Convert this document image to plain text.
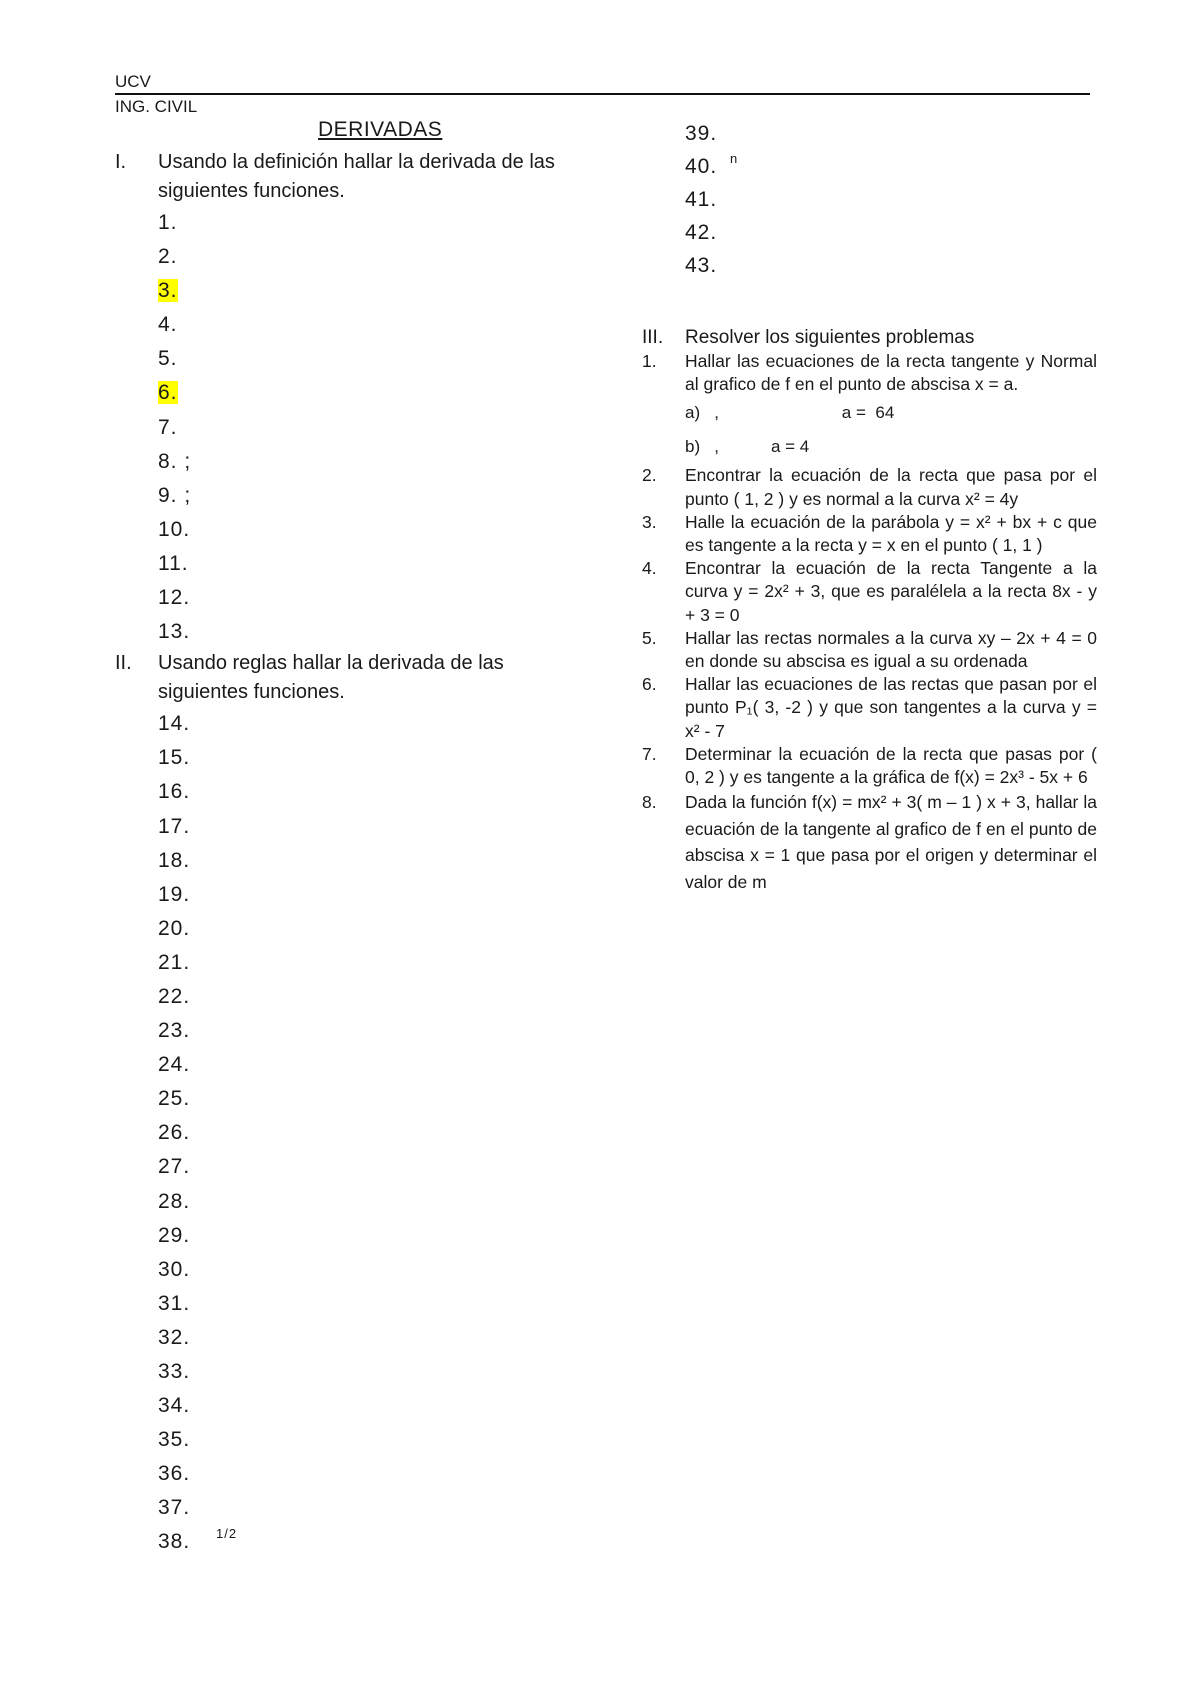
UCV
ING. CIVIL
DERIVADAS
I. Usando la definición hallar la derivada de las siguientes funciones.
1.
2.
3.
4.
5.
6.
7.
8. ;
9. ;
10.
11.
12.
13.
II. Usando reglas hallar la derivada de las siguientes funciones.
14.
15.
16.
17.
18.
19.
20.
21.
22.
23.
24.
25.
26.
27.
28.
29.
30.
31.
32.
33.
34.
35.
36.
37.
38. 1/2
39.
40. n
41.
42.
43.
III. Resolver los siguientes problemas
1. Hallar las ecuaciones de la recta tangente y Normal al grafico de f en el punto de abscisa x = a.
a)   ,                          a =  64
b)   ,           a = 4
2. Encontrar la ecuación de la recta que pasa por el punto ( 1, 2 ) y es normal a la curva x² = 4y
3. Halle la ecuación de la parábola y = x² + bx + c que es tangente a la recta y = x en el punto ( 1, 1 )
4. Encontrar la ecuación de la recta Tangente a la curva y = 2x² + 3, que es paralélela a la recta 8x - y + 3 = 0
5. Hallar las rectas normales a la curva xy – 2x + 4 = 0 en donde su abscisa es igual a su ordenada
6. Hallar las ecuaciones de las rectas que pasan por el punto P₁( 3, -2 ) y que son tangentes a la curva y = x² - 7
7. Determinar la ecuación de la recta que pasas por ( 0, 2 ) y es tangente a la gráfica de f(x) = 2x³ - 5x + 6
8. Dada la función f(x) = mx² + 3( m – 1 ) x + 3, hallar la ecuación de la tangente al grafico de f en el punto de abscisa x = 1 que pasa por el origen y determinar el valor de m
